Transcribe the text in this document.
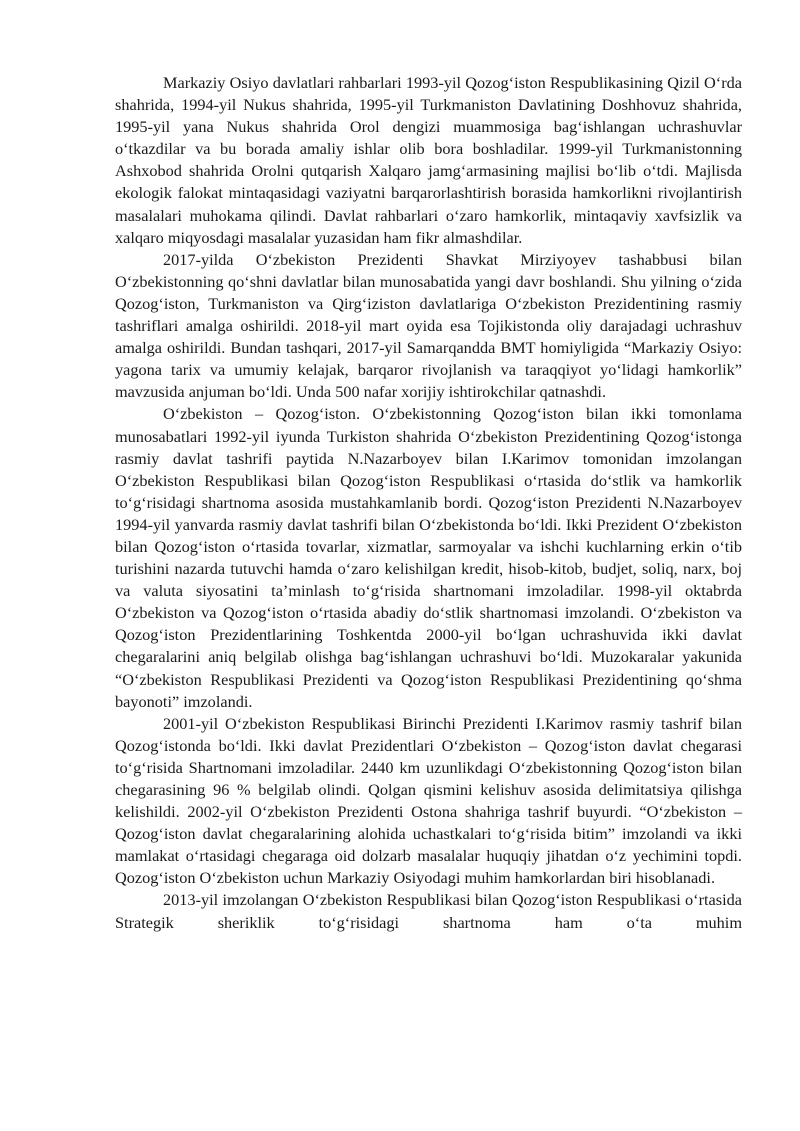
Markaziy Osiyo davlatlari rahbarlari 1993-yil Qozog‘iston Respublikasining Qizil O‘rda shahrida, 1994-yil Nukus shahrida, 1995-yil Turkmaniston Davlatining Doshhovuz shahrida, 1995-yil yana Nukus shahrida Orol dengizi muammosiga bag‘ishlangan uchrashuvlar o‘tkazdilar va bu borada amaliy ishlar olib bora boshladilar. 1999-yil Turkmanistonning Ashxobod shahrida Orolni qutqarish Xalqaro jamg‘armasining majlisi bo‘lib o‘tdi. Majlisda ekologik falokat mintaqasidagi vaziyatni barqarorlashtirish borasida hamkorlikni rivojlantirish masalalari muhokama qilindi. Davlat rahbarlari o‘zaro hamkorlik, mintaqaviy xavfsizlik va xalqaro miqyosdagi masalalar yuzasidan ham fikr almashdilar.

2017-yilda O‘zbekiston Prezidenti Shavkat Mirziyoyev tashabbusi bilan O‘zbekistonning qo‘shni davlatlar bilan munosabatida yangi davr boshlandi. Shu yilning o‘zida Qozog‘iston, Turkmaniston va Qirg‘iziston davlatlariga O‘zbekiston Prezidentining rasmiy tashriflari amalga oshirildi. 2018-yil mart oyida esa Tojikistonda oliy darajadagi uchrashuv amalga oshirildi. Bundan tashqari, 2017-yil Samarqandda BMT homiyligida “Markaziy Osiyo: yagona tarix va umumiy kelajak, barqaror rivojlanish va taraqqiyot yo‘lidagi hamkorlik” mavzusida anjuman bo‘ldi. Unda 500 nafar xorijiy ishtirokchilar qatnashdi.

O‘zbekiston – Qozog‘iston. O‘zbekistonning Qozog‘iston bilan ikki tomonlama munosabatlari 1992-yil iyunda Turkiston shahrida O‘zbekiston Prezidentining Qozog‘istonga rasmiy davlat tashrifi paytida N.Nazarboyev bilan I.Karimov tomonidan imzolangan O‘zbekiston Respublikasi bilan Qozog‘iston Respublikasi o‘rtasida do‘stlik va hamkorlik to‘g‘risidagi shartnoma asosida mustahkamlanib bordi. Qozog‘iston Prezidenti N.Nazarboyev 1994-yil yanvarda rasmiy davlat tashrifi bilan O‘zbekistonda bo‘ldi. Ikki Prezident O‘zbekiston bilan Qozog‘iston o‘rtasida tovarlar, xizmatlar, sarmoyalar va ishchi kuchlarning erkin o‘tib turishini nazarda tutuvchi hamda o‘zaro kelishilgan kredit, hisob-kitob, budjet, soliq, narx, boj va valuta siyosatini ta’minlash to‘g‘risida shartnomani imzoladilar. 1998-yil oktabrda O‘zbekiston va Qozog‘iston o‘rtasida abadiy do‘stlik shartnomasi imzolandi. O‘zbekiston va Qozog‘iston Prezidentlarining Toshkentda 2000-yil bo‘lgan uchrashuvida ikki davlat chegaralarini aniq belgilab olishga bag‘ishlangan uchrashuvi bo‘ldi. Muzokaralar yakunida “O‘zbekiston Respublikasi Prezidenti va Qozog‘iston Respublikasi Prezidentining qo‘shma bayonoti” imzolandi.

2001-yil O‘zbekiston Respublikasi Birinchi Prezidenti I.Karimov rasmiy tashrif bilan Qozog‘istonda bo‘ldi. Ikki davlat Prezidentlari O‘zbekiston – Qozog‘iston davlat chegarasi to‘g‘risida Shartnomani imzoladilar. 2440 km uzunlikdagi O‘zbekistonning Qozog‘iston bilan chegarasining 96 % belgilab olindi. Qolgan qismini kelishuv asosida delimitatsiya qilishga kelishildi. 2002-yil O‘zbekiston Prezidenti Ostona shahriga tashrif buyurdi. “O‘zbekiston – Qozog‘iston davlat chegaralarining alohida uchastkalari to‘g‘risida bitim” imzolandi va ikki mamlakat o‘rtasidagi chegaraga oid dolzarb masalalar huquqiy jihatdan o‘z yechimini topdi. Qozog‘iston O‘zbekiston uchun Markaziy Osiyodagi muhim hamkorlardan biri hisoblanadi.

2013-yil imzolangan O‘zbekiston Respublikasi bilan Qozog‘iston Respublikasi o‘rtasida Strategik sheriklik to‘g‘risidagi shartnoma ham o‘ta muhim
